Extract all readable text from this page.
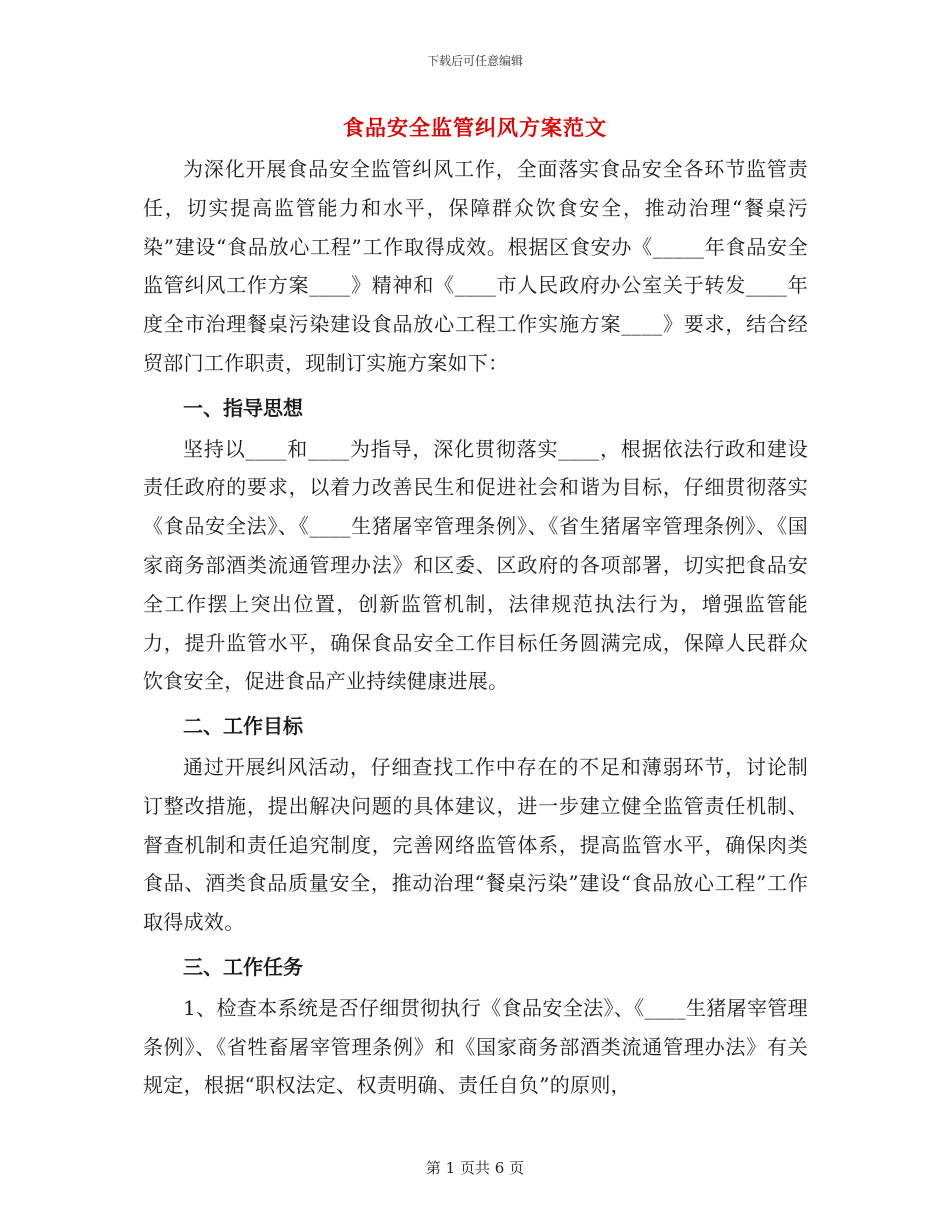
下载后可任意编辑
食品安全监管纠风方案范文

为深化开展食品安全监管纠风工作，全面落实食品安全各环节监管责任，切实提高监管能力和水平，保障群众饮食安全，推动治理“餐桌污染”建设“食品放心工程”工作取得成效。根据区食安办《_____年食品安全监管纠风工作方案____》精神和《____市人民政府办公室关于转发____年度全市治理餐桌污染建设食品放心工程工作实施方案____》要求，结合经贸部门工作职责，现制订实施方案如下：

一、指导思想

坚持以____和____为指导，深化贯彻落实____，根据依法行政和建设责任政府的要求，以着力改善民生和促进社会和谐为目标，仔细贯彻落实《食品安全法》、《____生猪屠宰管理条例》、《省生猪屠宰管理条例》、《国家商务部酒类流通管理办法》和区委、区政府的各项部署，切实把食品安全工作摆上突出位置，创新监管机制，法律规范执法行为，增强监管能力，提升监管水平，确保食品安全工作目标任务圆满完成，保障人民群众饮食安全，促进食品产业持续健康进展。

二、工作目标

通过开展纠风活动，仔细查找工作中存在的不足和薄弱环节，讨论制订整改措施，提出解决问题的具体建议，进一步建立健全监管责任机制、督查机制和责任追究制度，完善网络监管体系，提高监管水平，确保肉类食品、酒类食品质量安全，推动治理“餐桌污染”建设“食品放心工程”工作取得成效。

三、工作任务

1、检查本系统是否仔细贯彻执行《食品安全法》、《____生猪屠宰管理条例》、《省牲畜屠宰管理条例》和《国家商务部酒类流通管理办法》有关规定，根据“职权法定、权责明确、责任自负”的原则，

第 1 页共 6 页
